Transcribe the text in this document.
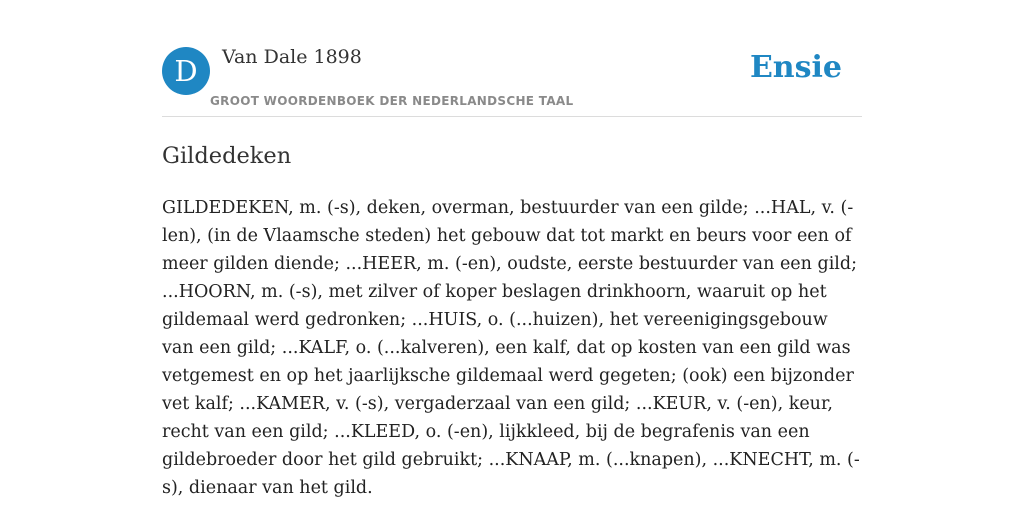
D	Van Dale 1898
GROOT WOORDENBOEK DER NEDERLANDSCHE TAAL
Ensie
Gildedeken

GILDEDEKEN, m. (-s), deken, overman, bestuurder van een gilde; ...HAL, v. (-len), (in de Vlaamsche steden) het gebouw dat tot markt en beurs voor een of meer gilden diende; ...HEER, m. (-en), oudste, eerste bestuurder van een gild; ...HOORN, m. (-s), met zilver of koper beslagen drinkhoorn, waaruit op het gildemaal werd gedronken; ...HUIS, o. (...huizen), het vereenigingsgebouw van een gild; ...KALF, o. (...kalveren), een kalf, dat op kosten van een gild was vetgemest en op het jaarlijksche gildemaal werd gegeten; (ook) een bijzonder vet kalf; ...KAMER, v. (-s), vergaderzaal van een gild; ...KEUR, v. (-en), keur, recht van een gild; ...KLEED, o. (-en), lijkkleed, bij de begrafenis van een gildebroeder door het gild gebruikt; ...KNAAP, m. (...knapen), ...KNECHT, m. (-s), dienaar van het gild.
